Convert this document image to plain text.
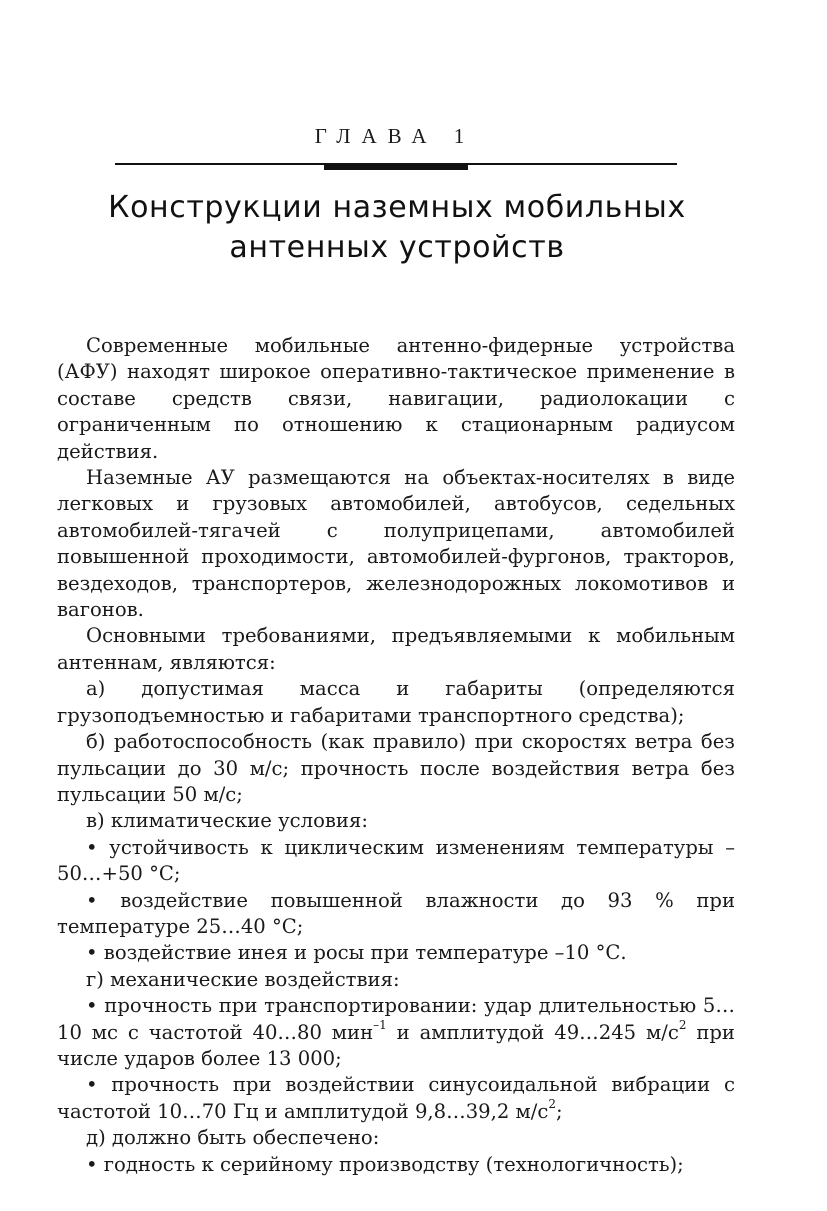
ГЛАВА 1
Конструкции наземных мобильных
антенных устройств

Современные мобильные антенно-фидерные устройства (АФУ) находят широкое оперативно-тактическое применение в составе средств связи, навигации, радиолокации с ограниченным по отношению к стационарным радиусом действия.

Наземные АУ размещаются на объектах-носителях в виде легковых и грузовых автомобилей, автобусов, седельных автомобилей-тягачей с полуприцепами, автомобилей повышенной проходимости, автомобилей-фургонов, тракторов, вездеходов, транспортеров, железнодорожных локомотивов и вагонов.

Основными требованиями, предъявляемыми к мобильным антеннам, являются:

а) допустимая масса и габариты (определяются грузоподъемностью и габаритами транспортного средства);

б) работоспособность (как правило) при скоростях ветра без пульсации до 30 м/с; прочность после воздействия ветра без пульсации 50 м/с;

в) климатические условия:

• устойчивость к циклическим изменениям температуры –50…+50 °С;

• воздействие повышенной влажности до 93 % при температуре 25…40 °С;

• воздействие инея и росы при температуре –10 °С.

г) механические воздействия:

• прочность при транспортировании: удар длительностью 5…10 мс с частотой 40…80 мин$^{-1}$ и амплитудой 49…245 $м/с^2$ при числе ударов более 13 000;

• прочность при воздействии синусоидальной вибрации с частотой 10…70 Гц и амплитудой 9,8…39,2 $м/с^2$;

д) должно быть обеспечено:

• годность к серийному производству (технологичность);
